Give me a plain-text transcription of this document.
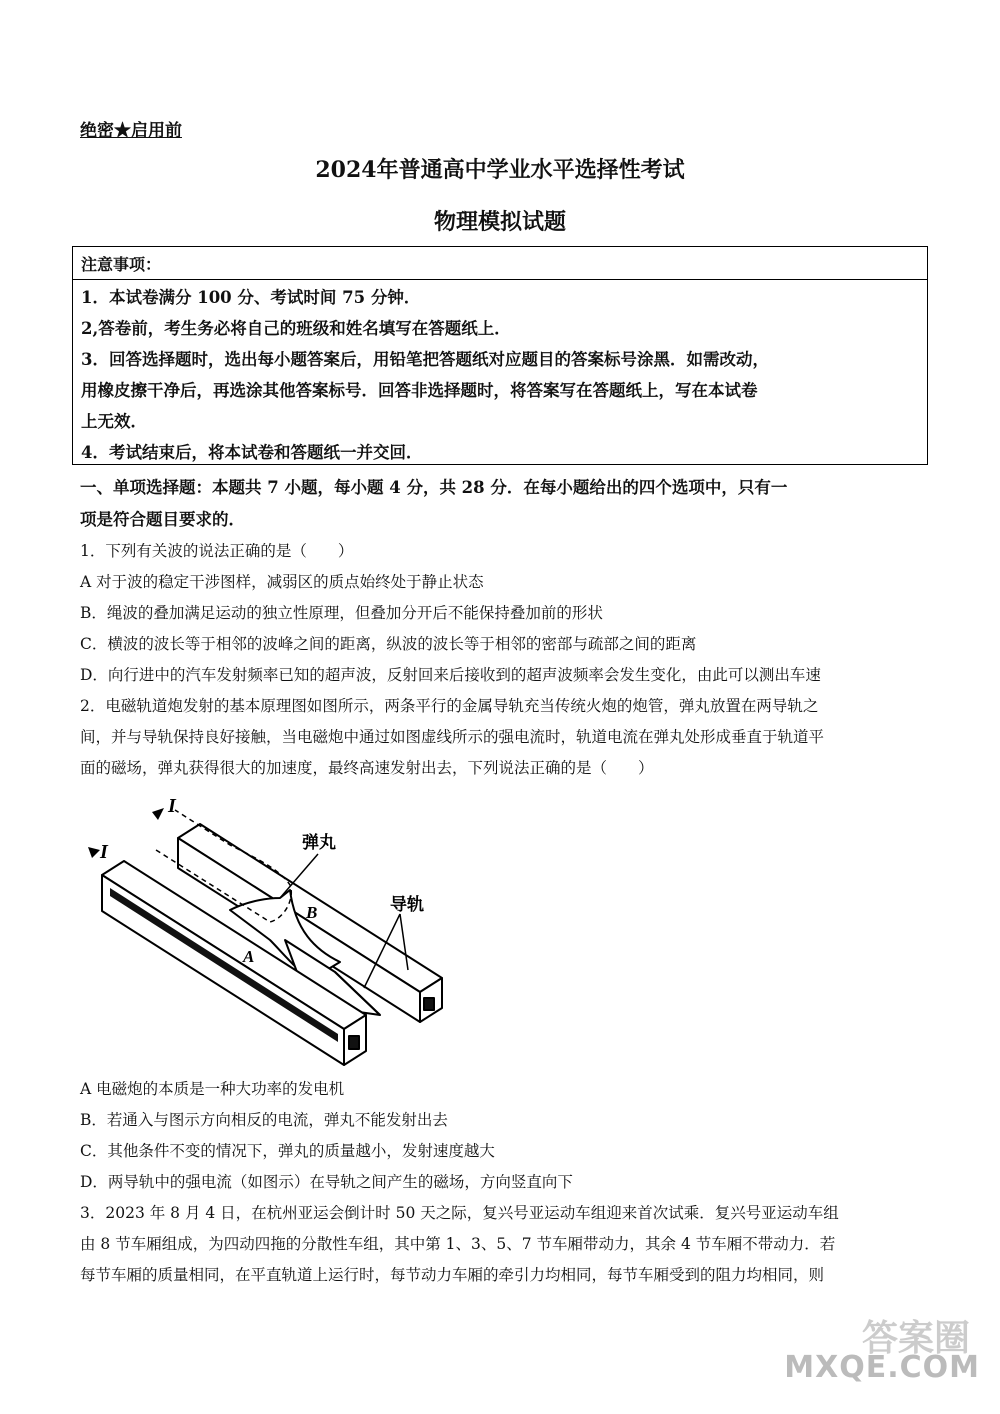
绝密★启用前
2024年普通高中学业水平选择性考试
物理模拟试题
注意事项：

1．本试卷满分 100 分、考试时间 75 分钟．

2,答卷前，考生务必将自己的班级和姓名填写在答题纸上．

3．回答选择题时，选出每小题答案后，用铅笔把答题纸对应题目的答案标号涂黑．如需改动，

用橡皮擦干净后，再选涂其他答案标号．回答非选择题时，将答案写在答题纸上，写在本试卷

上无效．

4．考试结束后，将本试卷和答题纸一并交回．

一、单项选择题：本题共 7 小题，每小题 4 分，共 28 分．在每小题给出的四个选项中，只有一
项是符合题目要求的．
1．下列有关波的说法正确的是（　　）
A 对于波的稳定干涉图样，减弱区的质点始终处于静止状态
B．绳波的叠加满足运动的独立性原理，但叠加分开后不能保持叠加前的形状
C．横波的波长等于相邻的波峰之间的距离，纵波的波长等于相邻的密部与疏部之间的距离
D．向行进中的汽车发射频率已知的超声波，反射回来后接收到的超声波频率会发生变化，由此可以测出车速
2．电磁轨道炮发射的基本原理图如图所示，两条平行的金属导轨充当传统火炮的炮管，弹丸放置在两导轨之
间，并与导轨保持良好接触，当电磁炮中通过如图虚线所示的强电流时，轨道电流在弹丸处形成垂直于轨道平
面的磁场，弹丸获得很大的加速度，最终高速发射出去，下列说法正确的是（　　）
I
I
弹丸
导轨
A
B
A 电磁炮的本质是一种大功率的发电机
B．若通入与图示方向相反的电流，弹丸不能发射出去
C．其他条件不变的情况下，弹丸的质量越小，发射速度越大
D．两导轨中的强电流（如图示）在导轨之间产生的磁场，方向竖直向下
3．2023 年 8 月 4 日，在杭州亚运会倒计时 50 天之际，复兴号亚运动车组迎来首次试乘．复兴号亚运动车组
由 8 节车厢组成，为四动四拖的分散性车组，其中第 1、3、5、7 节车厢带动力，其余 4 节车厢不带动力．若
每节车厢的质量相同，在平直轨道上运行时，每节动力车厢的牵引力均相同，每节车厢受到的阻力均相同，则
答案圈
MXQE.COM
